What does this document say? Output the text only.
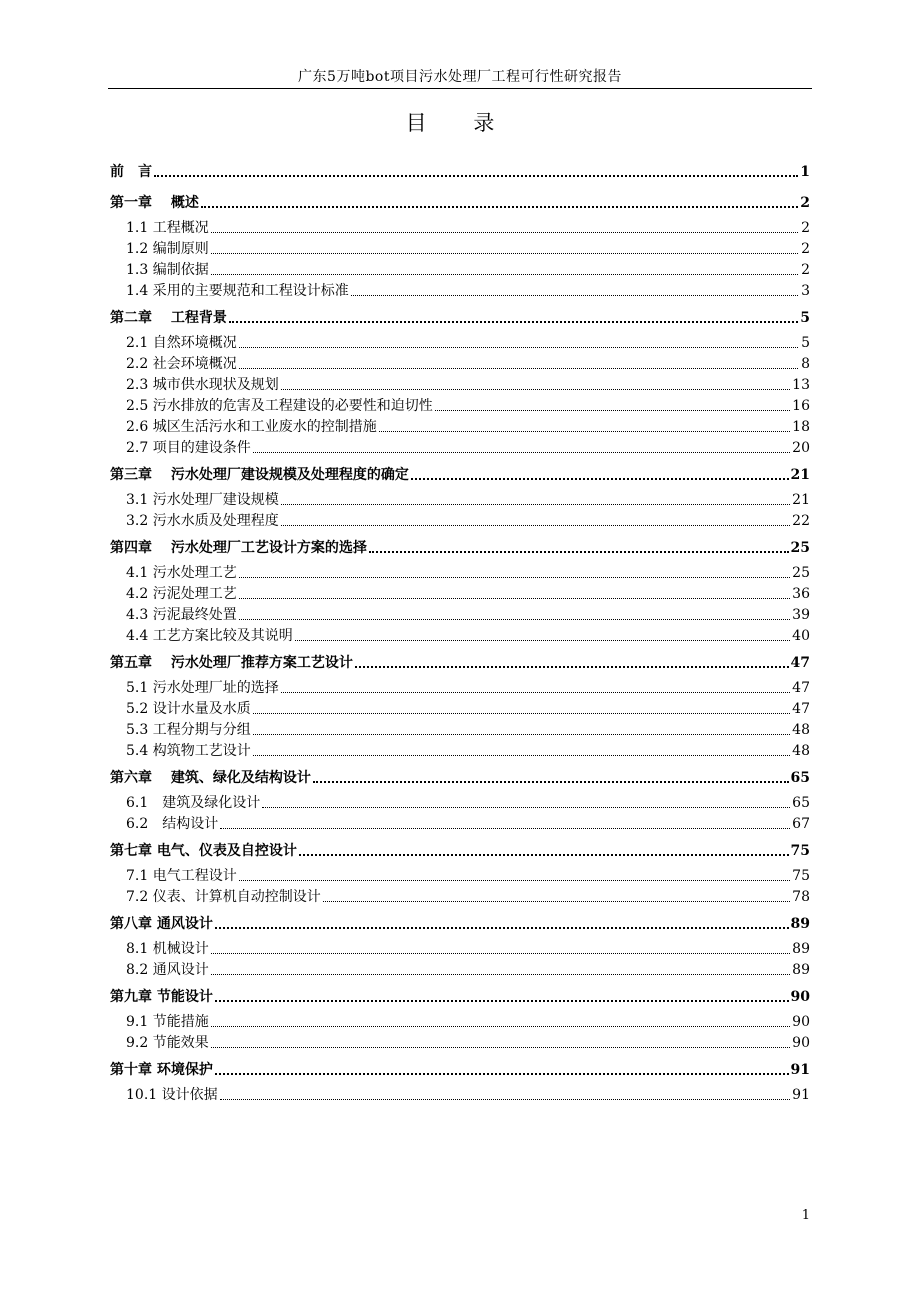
广东5万吨bot项目污水处理厂工程可行性研究报告
目 录
前　言	1
第一章　 概述	2
1.1 工程概况	2
1.2 编制原则	2
1.3 编制依据	2
1.4 采用的主要规范和工程设计标准	3
第二章　 工程背景	5
2.1 自然环境概况	5
2.2 社会环境概况	8
2.3 城市供水现状及规划	13
2.5 污水排放的危害及工程建设的必要性和迫切性	16
2.6 城区生活污水和工业废水的控制措施	18
2.7 项目的建设条件	20
第三章　 污水处理厂建设规模及处理程度的确定	21
3.1 污水处理厂建设规模	21
3.2 污水水质及处理程度	22
第四章　 污水处理厂工艺设计方案的选择	25
4.1 污水处理工艺	25
4.2 污泥处理工艺	36
4.3 污泥最终处置	39
4.4 工艺方案比较及其说明	40
第五章　 污水处理厂推荐方案工艺设计	47
5.1 污水处理厂址的选择	47
5.2 设计水量及水质	47
5.3 工程分期与分组	48
5.4 构筑物工艺设计	48
第六章　 建筑、绿化及结构设计	65
6.1　建筑及绿化设计	65
6.2　结构设计	67
第七章 电气、仪表及自控设计	75
7.1 电气工程设计	75
7.2 仪表、计算机自动控制设计	78
第八章 通风设计	89
8.1 机械设计	89
8.2 通风设计	89
第九章 节能设计	90
9.1 节能措施	90
9.2 节能效果	90
第十章 环境保护	91
10.1 设计依据	91
1
